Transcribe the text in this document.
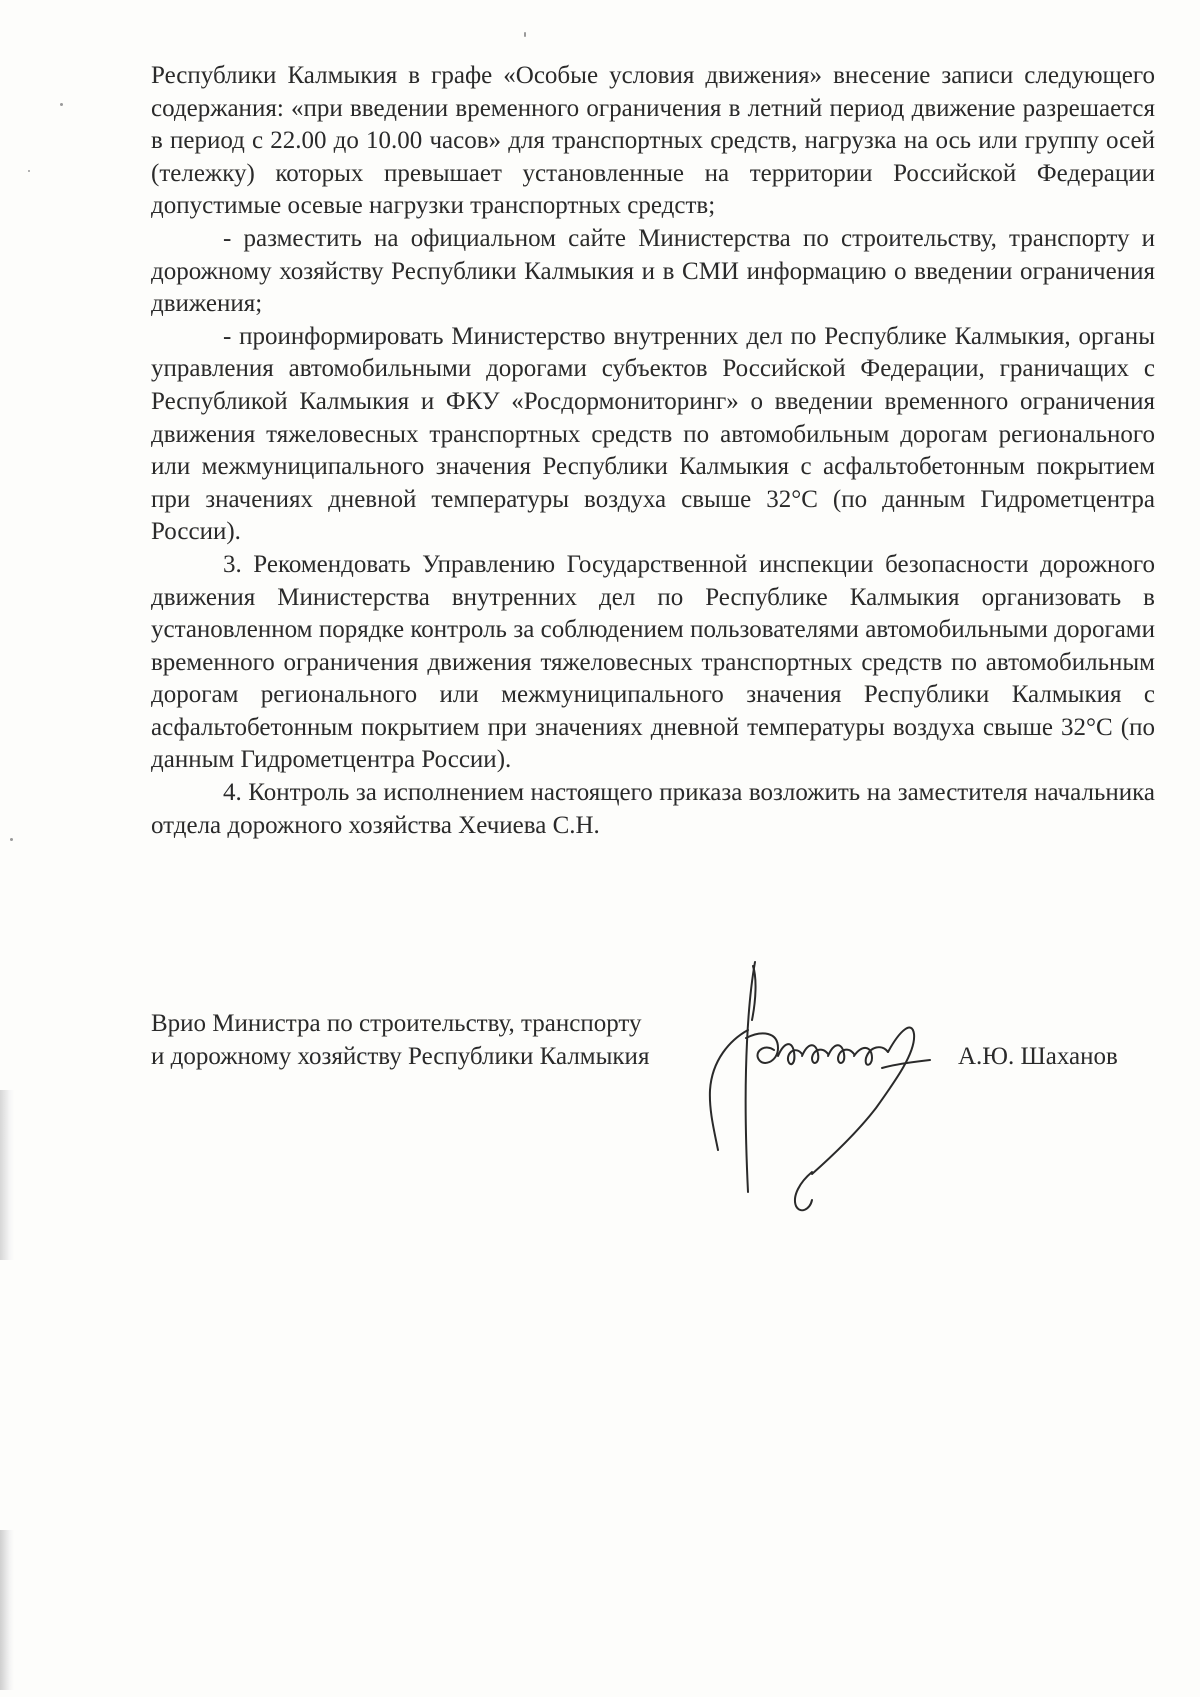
Республики Калмыкия в графе «Особые условия движения» внесение записи следующего содержания: «при введении временного ограничения в летний период движение разрешается в период с 22.00 до 10.00 часов» для транспортных средств, нагрузка на ось или группу осей (тележку) которых превышает установленные на территории Российской Федерации допустимые осевые нагрузки транспортных средств;

- разместить на официальном сайте Министерства по строительству, транспорту и дорожному хозяйству Республики Калмыкия и в СМИ информацию о введении ограничения движения;

- проинформировать Министерство внутренних дел по Республике Калмыкия, органы управления автомобильными дорогами субъектов Российской Федерации, граничащих с Республикой Калмыкия и ФКУ «Росдормониторинг» о введении временного ограничения движения тяжеловесных транспортных средств по автомобильным дорогам регионального или межмуниципального значения Республики Калмыкия с асфальтобетонным покрытием при значениях дневной температуры воздуха свыше 32°С (по данным Гидрометцентра России).

3. Рекомендовать Управлению Государственной инспекции безопасности дорожного движения Министерства внутренних дел по Республике Калмыкия организовать в установленном порядке контроль за соблюдением пользователями автомобильными дорогами временного ограничения движения тяжеловесных транспортных средств по автомобильным дорогам регионального или межмуниципального значения Республики Калмыкия с асфальтобетонным покрытием при значениях дневной температуры воздуха свыше 32°С (по данным Гидрометцентра России).

4. Контроль за исполнением настоящего приказа возложить на заместителя начальника отдела дорожного хозяйства Хечиева С.Н.

Врио Министра по строительству, транспорту
и дорожному хозяйству Республики Калмыкия	А.Ю. Шаханов
